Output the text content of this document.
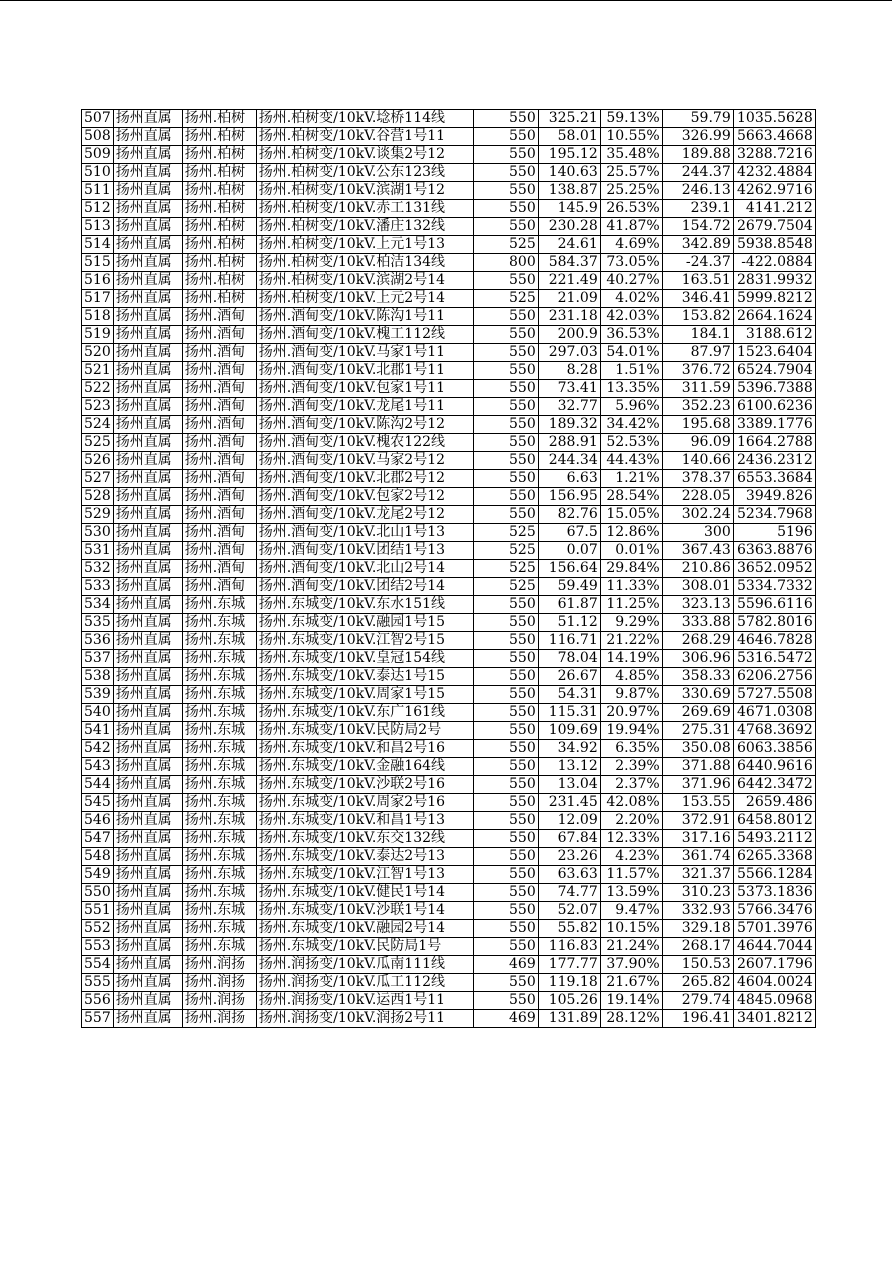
507	扬州直属	扬州.柏树	扬州.柏树变/10kV.埝桥114线	550	325.21	59.13%	59.79	1035.5628
508	扬州直属	扬州.柏树	扬州.柏树变/10kV.谷营1号11	550	58.01	10.55%	326.99	5663.4668
509	扬州直属	扬州.柏树	扬州.柏树变/10kV.谈集2号12	550	195.12	35.48%	189.88	3288.7216
510	扬州直属	扬州.柏树	扬州.柏树变/10kV.公东123线	550	140.63	25.57%	244.37	4232.4884
511	扬州直属	扬州.柏树	扬州.柏树变/10kV.滨湖1号12	550	138.87	25.25%	246.13	4262.9716
512	扬州直属	扬州.柏树	扬州.柏树变/10kV.赤工131线	550	145.9	26.53%	239.1	4141.212
513	扬州直属	扬州.柏树	扬州.柏树变/10kV.潘庄132线	550	230.28	41.87%	154.72	2679.7504
514	扬州直属	扬州.柏树	扬州.柏树变/10kV.上元1号13	525	24.61	4.69%	342.89	5938.8548
515	扬州直属	扬州.柏树	扬州.柏树变/10kV.柏洁134线	800	584.37	73.05%	-24.37	-422.0884
516	扬州直属	扬州.柏树	扬州.柏树变/10kV.滨湖2号14	550	221.49	40.27%	163.51	2831.9932
517	扬州直属	扬州.柏树	扬州.柏树变/10kV.上元2号14	525	21.09	4.02%	346.41	5999.8212
518	扬州直属	扬州.酒甸	扬州.酒甸变/10kV.陈沟1号11	550	231.18	42.03%	153.82	2664.1624
519	扬州直属	扬州.酒甸	扬州.酒甸变/10kV.槐工112线	550	200.9	36.53%	184.1	3188.612
520	扬州直属	扬州.酒甸	扬州.酒甸变/10kV.马家1号11	550	297.03	54.01%	87.97	1523.6404
521	扬州直属	扬州.酒甸	扬州.酒甸变/10kV.北郡1号11	550	8.28	1.51%	376.72	6524.7904
522	扬州直属	扬州.酒甸	扬州.酒甸变/10kV.包家1号11	550	73.41	13.35%	311.59	5396.7388
523	扬州直属	扬州.酒甸	扬州.酒甸变/10kV.龙尾1号11	550	32.77	5.96%	352.23	6100.6236
524	扬州直属	扬州.酒甸	扬州.酒甸变/10kV.陈沟2号12	550	189.32	34.42%	195.68	3389.1776
525	扬州直属	扬州.酒甸	扬州.酒甸变/10kV.槐农122线	550	288.91	52.53%	96.09	1664.2788
526	扬州直属	扬州.酒甸	扬州.酒甸变/10kV.马家2号12	550	244.34	44.43%	140.66	2436.2312
527	扬州直属	扬州.酒甸	扬州.酒甸变/10kV.北郡2号12	550	6.63	1.21%	378.37	6553.3684
528	扬州直属	扬州.酒甸	扬州.酒甸变/10kV.包家2号12	550	156.95	28.54%	228.05	3949.826
529	扬州直属	扬州.酒甸	扬州.酒甸变/10kV.龙尾2号12	550	82.76	15.05%	302.24	5234.7968
530	扬州直属	扬州.酒甸	扬州.酒甸变/10kV.北山1号13	525	67.5	12.86%	300	5196
531	扬州直属	扬州.酒甸	扬州.酒甸变/10kV.团结1号13	525	0.07	0.01%	367.43	6363.8876
532	扬州直属	扬州.酒甸	扬州.酒甸变/10kV.北山2号14	525	156.64	29.84%	210.86	3652.0952
533	扬州直属	扬州.酒甸	扬州.酒甸变/10kV.团结2号14	525	59.49	11.33%	308.01	5334.7332
534	扬州直属	扬州.东城	扬州.东城变/10kV.东水151线	550	61.87	11.25%	323.13	5596.6116
535	扬州直属	扬州.东城	扬州.东城变/10kV.融园1号15	550	51.12	9.29%	333.88	5782.8016
536	扬州直属	扬州.东城	扬州.东城变/10kV.江智2号15	550	116.71	21.22%	268.29	4646.7828
537	扬州直属	扬州.东城	扬州.东城变/10kV.皇冠154线	550	78.04	14.19%	306.96	5316.5472
538	扬州直属	扬州.东城	扬州.东城变/10kV.泰达1号15	550	26.67	4.85%	358.33	6206.2756
539	扬州直属	扬州.东城	扬州.东城变/10kV.周家1号15	550	54.31	9.87%	330.69	5727.5508
540	扬州直属	扬州.东城	扬州.东城变/10kV.东广161线	550	115.31	20.97%	269.69	4671.0308
541	扬州直属	扬州.东城	扬州.东城变/10kV.民防局2号	550	109.69	19.94%	275.31	4768.3692
542	扬州直属	扬州.东城	扬州.东城变/10kV.和昌2号16	550	34.92	6.35%	350.08	6063.3856
543	扬州直属	扬州.东城	扬州.东城变/10kV.金融164线	550	13.12	2.39%	371.88	6440.9616
544	扬州直属	扬州.东城	扬州.东城变/10kV.沙联2号16	550	13.04	2.37%	371.96	6442.3472
545	扬州直属	扬州.东城	扬州.东城变/10kV.周家2号16	550	231.45	42.08%	153.55	2659.486
546	扬州直属	扬州.东城	扬州.东城变/10kV.和昌1号13	550	12.09	2.20%	372.91	6458.8012
547	扬州直属	扬州.东城	扬州.东城变/10kV.东交132线	550	67.84	12.33%	317.16	5493.2112
548	扬州直属	扬州.东城	扬州.东城变/10kV.泰达2号13	550	23.26	4.23%	361.74	6265.3368
549	扬州直属	扬州.东城	扬州.东城变/10kV.江智1号13	550	63.63	11.57%	321.37	5566.1284
550	扬州直属	扬州.东城	扬州.东城变/10kV.健民1号14	550	74.77	13.59%	310.23	5373.1836
551	扬州直属	扬州.东城	扬州.东城变/10kV.沙联1号14	550	52.07	9.47%	332.93	5766.3476
552	扬州直属	扬州.东城	扬州.东城变/10kV.融园2号14	550	55.82	10.15%	329.18	5701.3976
553	扬州直属	扬州.东城	扬州.东城变/10kV.民防局1号	550	116.83	21.24%	268.17	4644.7044
554	扬州直属	扬州.润扬	扬州.润扬变/10kV.瓜南111线	469	177.77	37.90%	150.53	2607.1796
555	扬州直属	扬州.润扬	扬州.润扬变/10kV.瓜工112线	550	119.18	21.67%	265.82	4604.0024
556	扬州直属	扬州.润扬	扬州.润扬变/10kV.运西1号11	550	105.26	19.14%	279.74	4845.0968
557	扬州直属	扬州.润扬	扬州.润扬变/10kV.润扬2号11	469	131.89	28.12%	196.41	3401.8212
